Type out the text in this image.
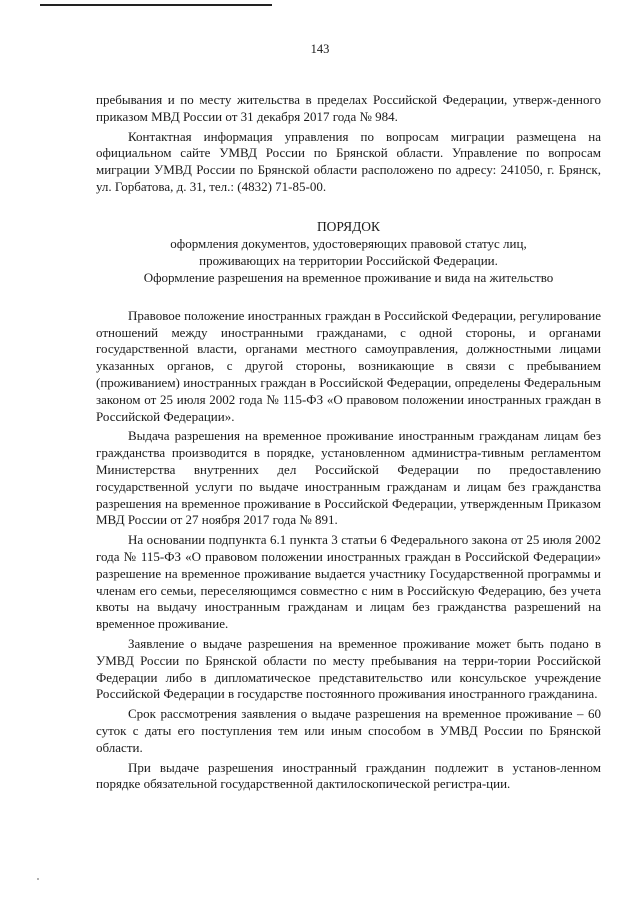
143

пребывания и по месту жительства в пределах Российской Федерации, утверж-денного приказом МВД России от 31 декабря 2017 года № 984.

Контактная информация управления по вопросам миграции размещена на официальном сайте УМВД России по Брянской области. Управление по вопросам миграции УМВД России по Брянской области расположено по адресу: 241050, г. Брянск, ул. Горбатова, д. 31, тел.: (4832) 71-85-00.

ПОРЯДОК

оформления документов, удостоверяющих правовой статус лиц,

проживающих на территории Российской Федерации.

Оформление разрешения на временное проживание и вида на жительство

Правовое положение иностранных граждан в Российской Федерации, регулирование отношений между иностранными гражданами, с одной стороны, и органами государственной власти, органами местного самоуправления, должностными лицами указанных органов, с другой стороны, возникающие в связи с пребыванием (проживанием) иностранных граждан в Российской Федерации, определены Федеральным законом от 25 июля 2002 года № 115-ФЗ «О правовом положении иностранных граждан в Российской Федерации».

Выдача разрешения на временное проживание иностранным гражданам лицам без гражданства производится в порядке, установленном администра-тивным регламентом Министерства внутренних дел Российской Федерации по предоставлению государственной услуги по выдаче иностранным гражданам и лицам без гражданства разрешения на временное проживание в Российской Федерации, утвержденным Приказом МВД России от 27 ноября 2017 года № 891.

На основании подпункта 6.1 пункта 3 статьи 6 Федерального закона от 25 июля 2002 года № 115-ФЗ «О правовом положении иностранных граждан в Российской Федерации» разрешение на временное проживание выдается участнику Государственной программы и членам его семьи, переселяющимся совместно с ним в Российскую Федерацию, без учета квоты на выдачу иностранным гражданам и лицам без гражданства разрешений на временное проживание.

Заявление о выдаче разрешения на временное проживание может быть подано в УМВД России по Брянской области по месту пребывания на терри-тории Российской Федерации либо в дипломатическое представительство или консульское учреждение Российской Федерации в государстве постоянного проживания иностранного гражданина.

Срок рассмотрения заявления о выдаче разрешения на временное проживание – 60 суток с даты его поступления тем или иным способом в УМВД России по Брянской области.

При выдаче разрешения иностранный гражданин подлежит в установ-ленном порядке обязательной государственной дактилоскопической регистра-ции.
